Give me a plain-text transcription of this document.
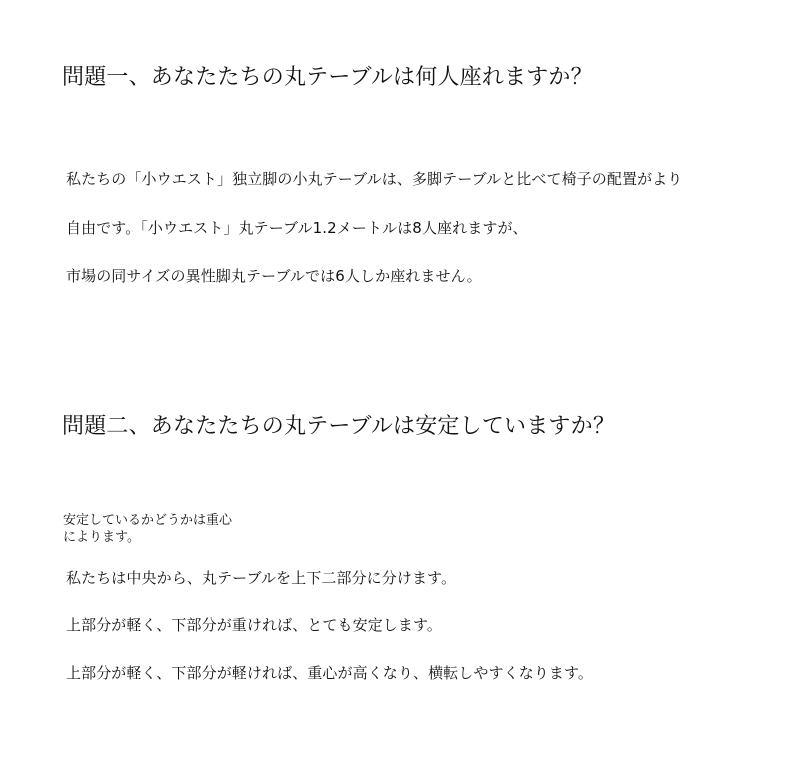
問題一、あなたたちの丸テーブルは何人座れますか？

私たちの「小ウエスト」独立脚の小丸テーブルは、多脚テーブルと比べて椅子の配置がより

自由です。「小ウエスト」丸テーブル1.2メートルは8人座れますが、

市場の同サイズの異性脚丸テーブルでは6人しか座れません。

問題二、あなたたちの丸テーブルは安定していますか？
安定しているかどうかは重心
によります。

私たちは中央から、丸テーブルを上下二部分に分けます。

上部分が軽く、下部分が重ければ、とても安定します。

上部分が軽く、下部分が軽ければ、重心が高くなり、横転しやすくなります。
